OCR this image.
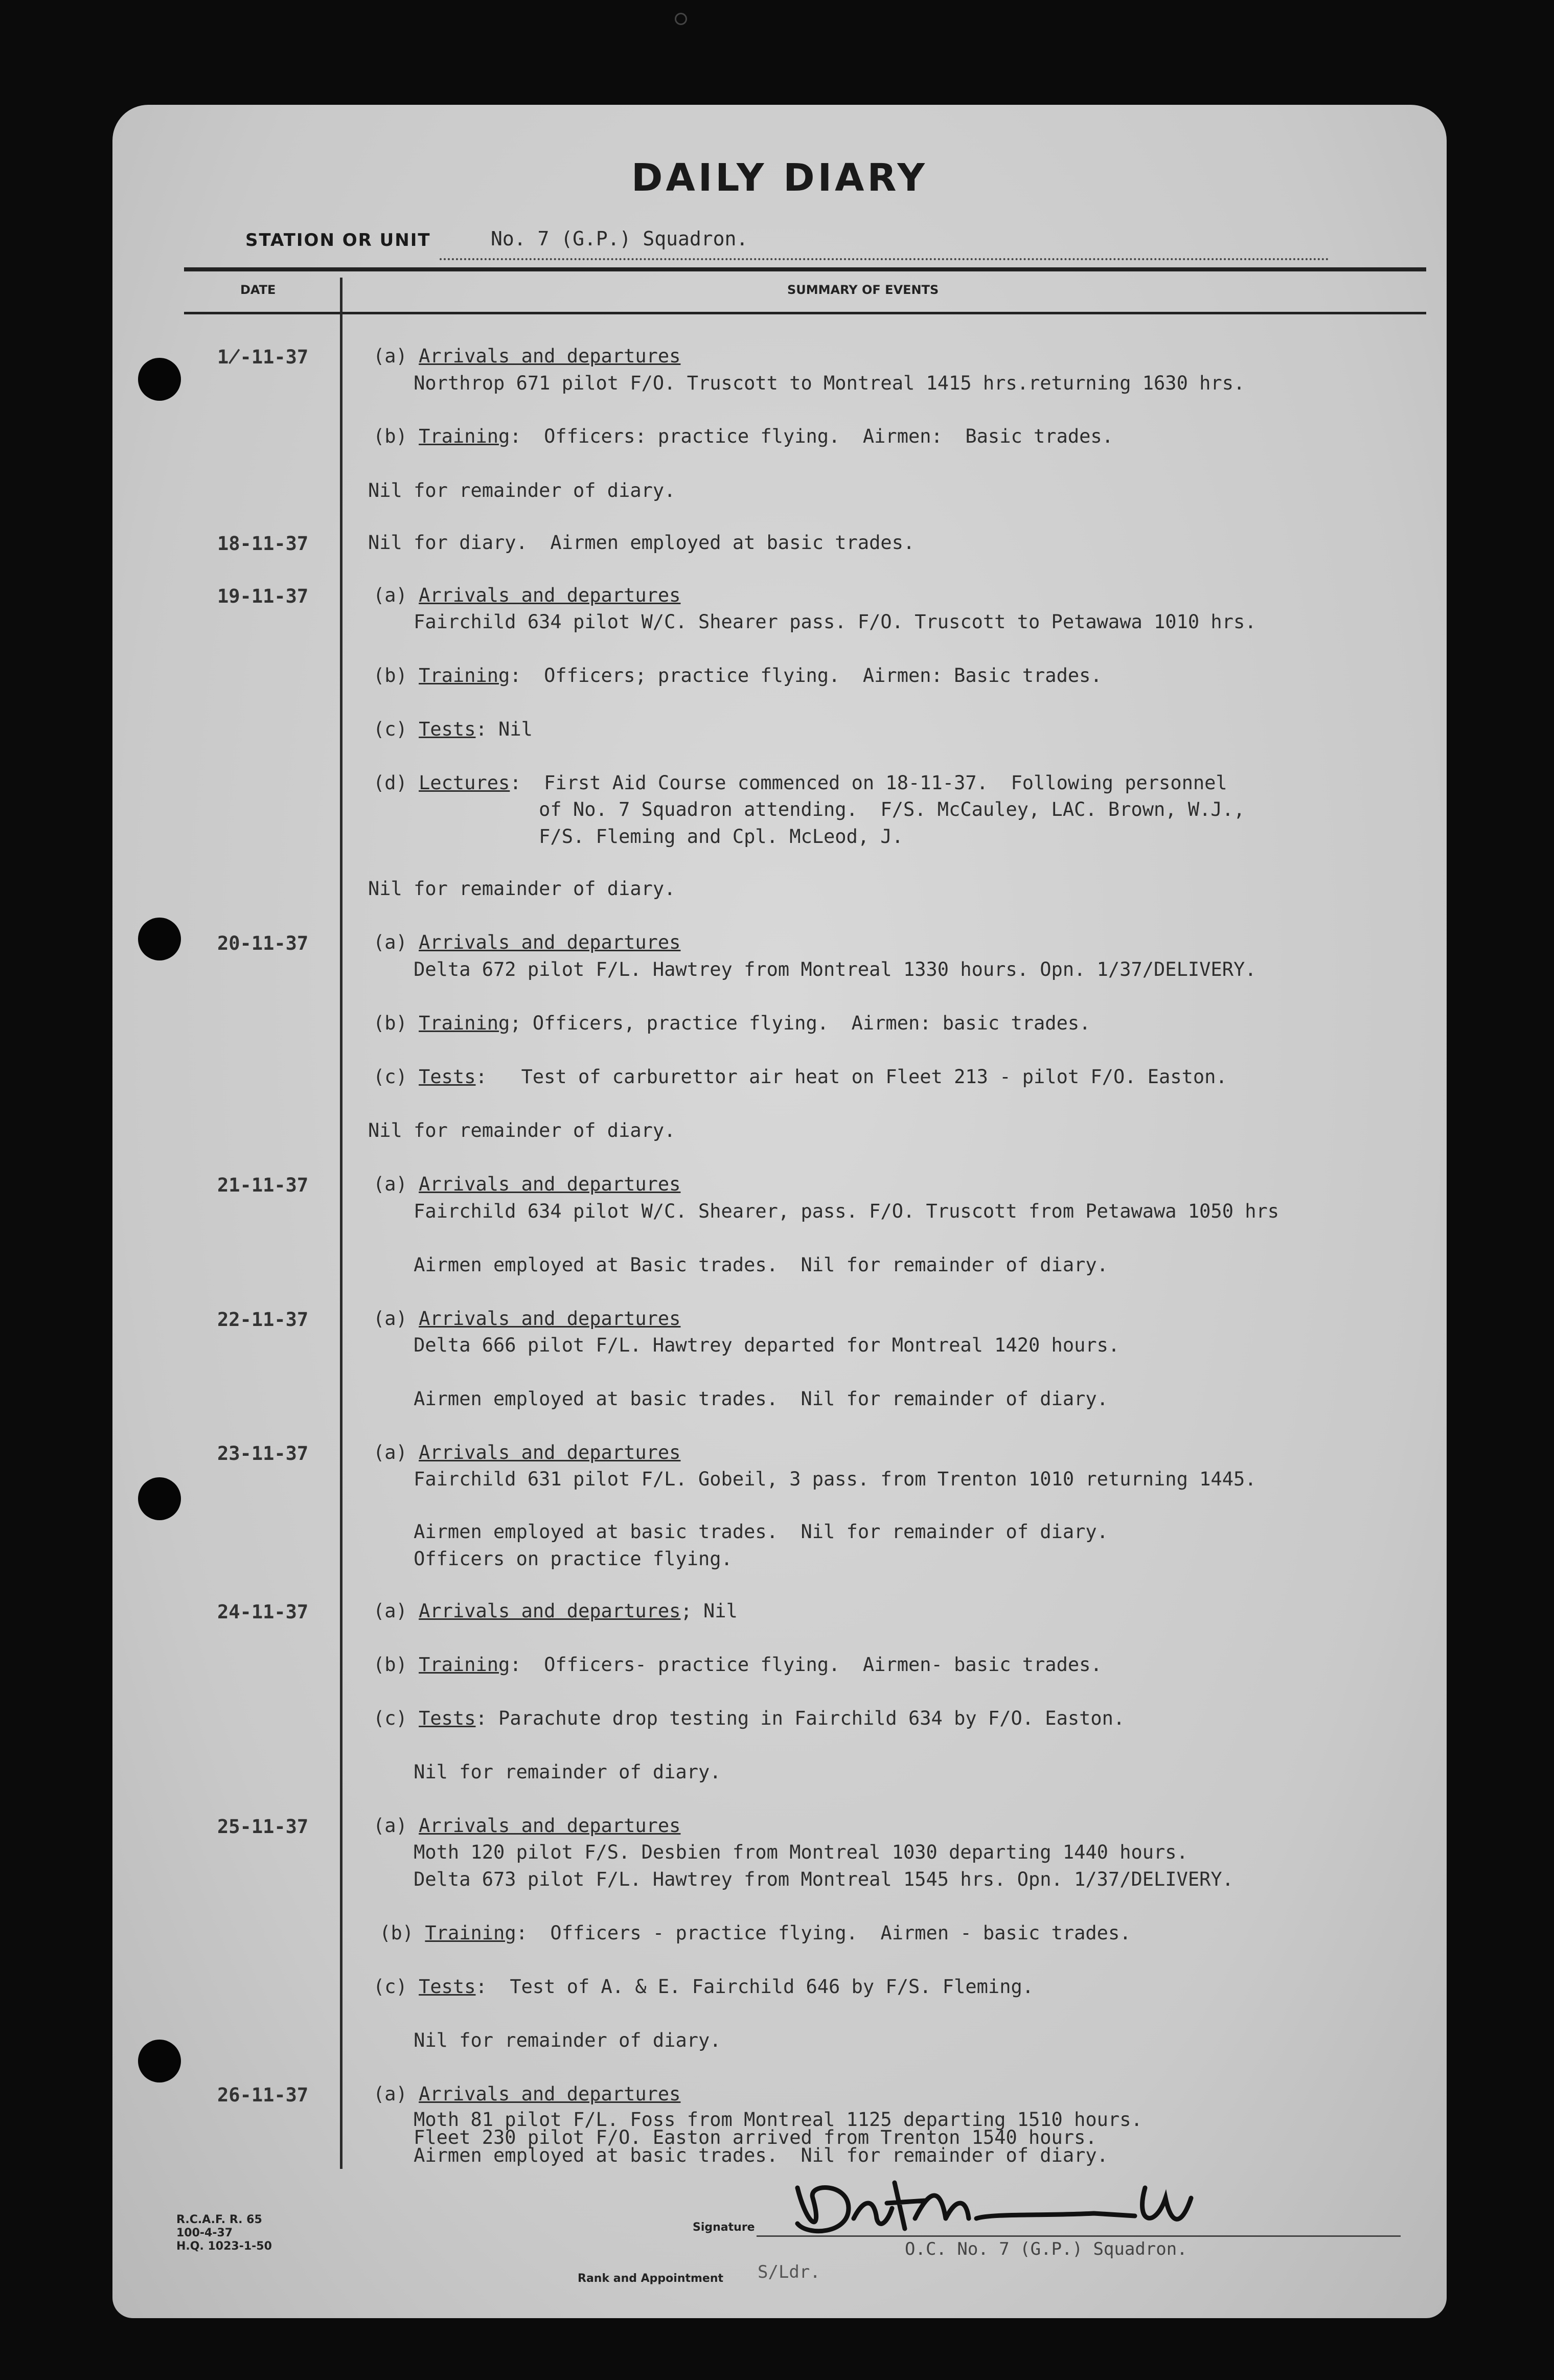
DAILY DIARY
STATION OR UNIT	No. 7 (G.P.) Squadron.
DATE	SUMMARY OF EVENTS
1̸-11-37	(a) Arrivals and departures
Northrop 671 pilot F/O. Truscott to Montreal 1415 hrs.returning 1630 hrs.
(b) Training:  Officers: practice flying.  Airmen:  Basic trades.
Nil for remainder of diary.
18-11-37	Nil for diary.  Airmen employed at basic trades.
19-11-37	(a) Arrivals and departures
Fairchild 634 pilot W/C. Shearer pass. F/O. Truscott to Petawawa 1010 hrs.
(b) Training:  Officers; practice flying.  Airmen: Basic trades.
(c) Tests: Nil
(d) Lectures:  First Aid Course commenced on 18-11-37.  Following personnel
of No. 7 Squadron attending.  F/S. McCauley, LAC. Brown, W.J.,
F/S. Fleming and Cpl. McLeod, J.
Nil for remainder of diary.
20-11-37	(a) Arrivals and departures
Delta 672 pilot F/L. Hawtrey from Montreal 1330 hours. Opn. 1/37/DELIVERY.
(b) Training; Officers, practice flying.  Airmen: basic trades.
(c) Tests:   Test of carburettor air heat on Fleet 213 - pilot F/O. Easton.
Nil for remainder of diary.
21-11-37	(a) Arrivals and departures
Fairchild 634 pilot W/C. Shearer, pass. F/O. Truscott from Petawawa 1050 hrs
Airmen employed at Basic trades.  Nil for remainder of diary.
22-11-37	(a) Arrivals and departures
Delta 666 pilot F/L. Hawtrey departed for Montreal 1420 hours.
Airmen employed at basic trades.  Nil for remainder of diary.
23-11-37	(a) Arrivals and departures
Fairchild 631 pilot F/L. Gobeil, 3 pass. from Trenton 1010 returning 1445.
Airmen employed at basic trades.  Nil for remainder of diary.
Officers on practice flying.
24-11-37	(a) Arrivals and departures; Nil
(b) Training:  Officers- practice flying.  Airmen- basic trades.
(c) Tests: Parachute drop testing in Fairchild 634 by F/O. Easton.
Nil for remainder of diary.
25-11-37	(a) Arrivals and departures
Moth 120 pilot F/S. Desbien from Montreal 1030 departing 1440 hours.
Delta 673 pilot F/L. Hawtrey from Montreal 1545 hrs. Opn. 1/37/DELIVERY.
(b) Training:  Officers - practice flying.  Airmen - basic trades.
(c) Tests:  Test of A. & E. Fairchild 646 by F/S. Fleming.
Nil for remainder of diary.
26-11-37	(a) Arrivals and departures
Moth 81 pilot F/L. Foss from Montreal 1125 departing 1510 hours.
Fleet 230 pilot F/O. Easton arrived from Trenton 1540 hours.
Airmen employed at basic trades.  Nil for remainder of diary.
R.C.A.F. R. 65
100-4-37
H.Q. 1023-1-50
Signature
Rank and Appointment S/Ldr.
O.C. No. 7 (G.P.) Squadron.
